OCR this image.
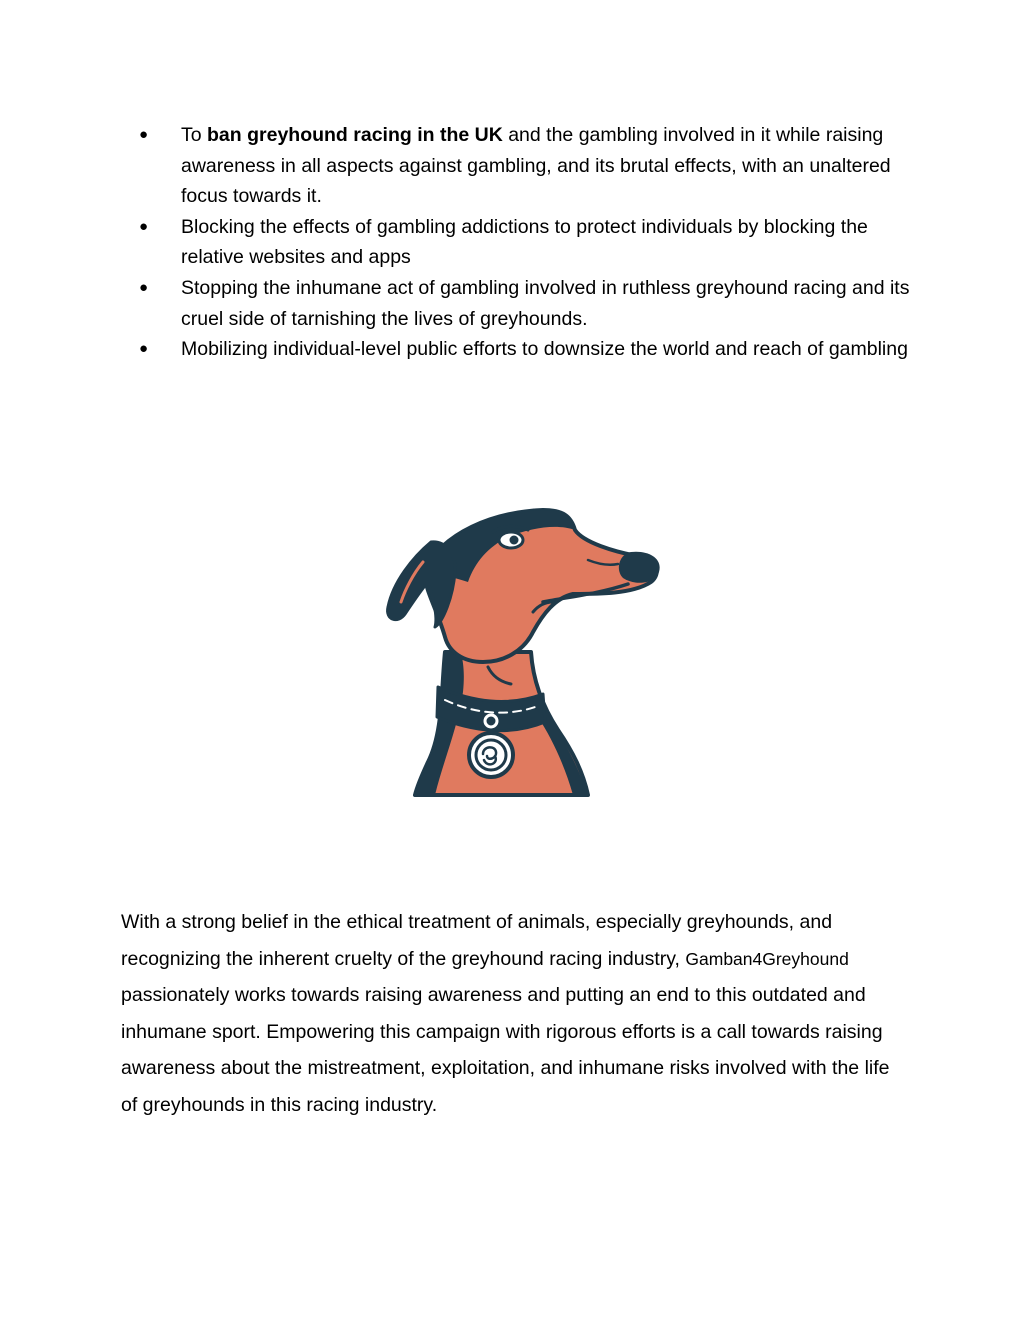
●	To ban greyhound racing in the UK and the gambling involved in it while raising awareness in all aspects against gambling, and its brutal effects, with an unaltered focus towards it.
●	Blocking the effects of gambling addictions to protect individuals by blocking the relative websites and apps
●	Stopping the inhumane act of gambling involved in ruthless greyhound racing and its cruel side of tarnishing the lives of greyhounds.
●	Mobilizing individual-level public efforts to downsize the world and reach of gambling

With a strong belief in the ethical treatment of animals, especially greyhounds, and recognizing the inherent cruelty of the greyhound racing industry, Gamban4Greyhound passionately works towards raising awareness and putting an end to this outdated and inhumane sport. Empowering this campaign with rigorous efforts is a call towards raising awareness about the mistreatment, exploitation, and inhumane risks involved with the life of greyhounds in this racing industry.
